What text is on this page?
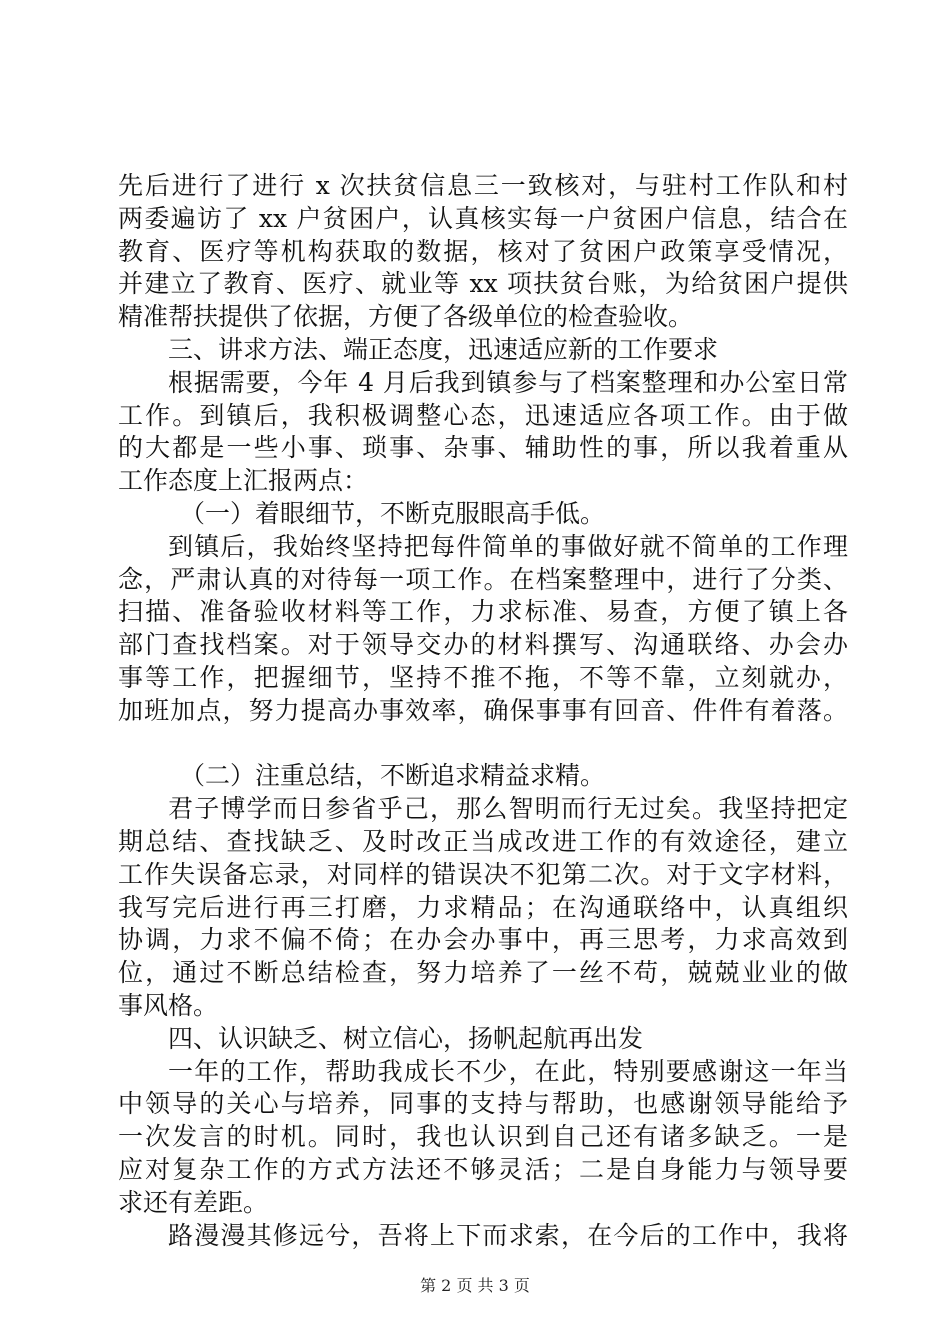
先后进行了进行 x 次扶贫信息三一致核对，与驻村工作队和村
两委遍访了 xx 户贫困户，认真核实每一户贫困户信息，结合在
教育、医疗等机构获取的数据，核对了贫困户政策享受情况，
并建立了教育、医疗、就业等 xx 项扶贫台账，为给贫困户提供
精准帮扶提供了依据，方便了各级单位的检查验收。
三、讲求方法、端正态度，迅速适应新的工作要求
根据需要，今年 4 月后我到镇参与了档案整理和办公室日常
工作。到镇后，我积极调整心态，迅速适应各项工作。由于做
的大都是一些小事、琐事、杂事、辅助性的事，所以我着重从
工作态度上汇报两点：
（一）着眼细节，不断克服眼高手低。
到镇后，我始终坚持把每件简单的事做好就不简单的工作理
念，严肃认真的对待每一项工作。在档案整理中，进行了分类、
扫描、准备验收材料等工作，力求标准、易查，方便了镇上各
部门查找档案。对于领导交办的材料撰写、沟通联络、办会办
事等工作，把握细节，坚持不推不拖，不等不靠，立刻就办，
加班加点，努力提高办事效率，确保事事有回音、件件有着落。
（二）注重总结，不断追求精益求精。
君子博学而日参省乎己，那么智明而行无过矣。我坚持把定
期总结、查找缺乏、及时改正当成改进工作的有效途径，建立
工作失误备忘录，对同样的错误决不犯第二次。对于文字材料，
我写完后进行再三打磨，力求精品；在沟通联络中，认真组织
协调，力求不偏不倚；在办会办事中，再三思考，力求高效到
位，通过不断总结检查，努力培养了一丝不苟，兢兢业业的做
事风格。
四、认识缺乏、树立信心，扬帆起航再出发
一年的工作，帮助我成长不少，在此，特别要感谢这一年当
中领导的关心与培养，同事的支持与帮助，也感谢领导能给予
一次发言的时机。同时，我也认识到自己还有诸多缺乏。一是
应对复杂工作的方式方法还不够灵活；二是自身能力与领导要
求还有差距。
路漫漫其修远兮，吾将上下而求索，在今后的工作中，我将
第 2 页 共 3 页
